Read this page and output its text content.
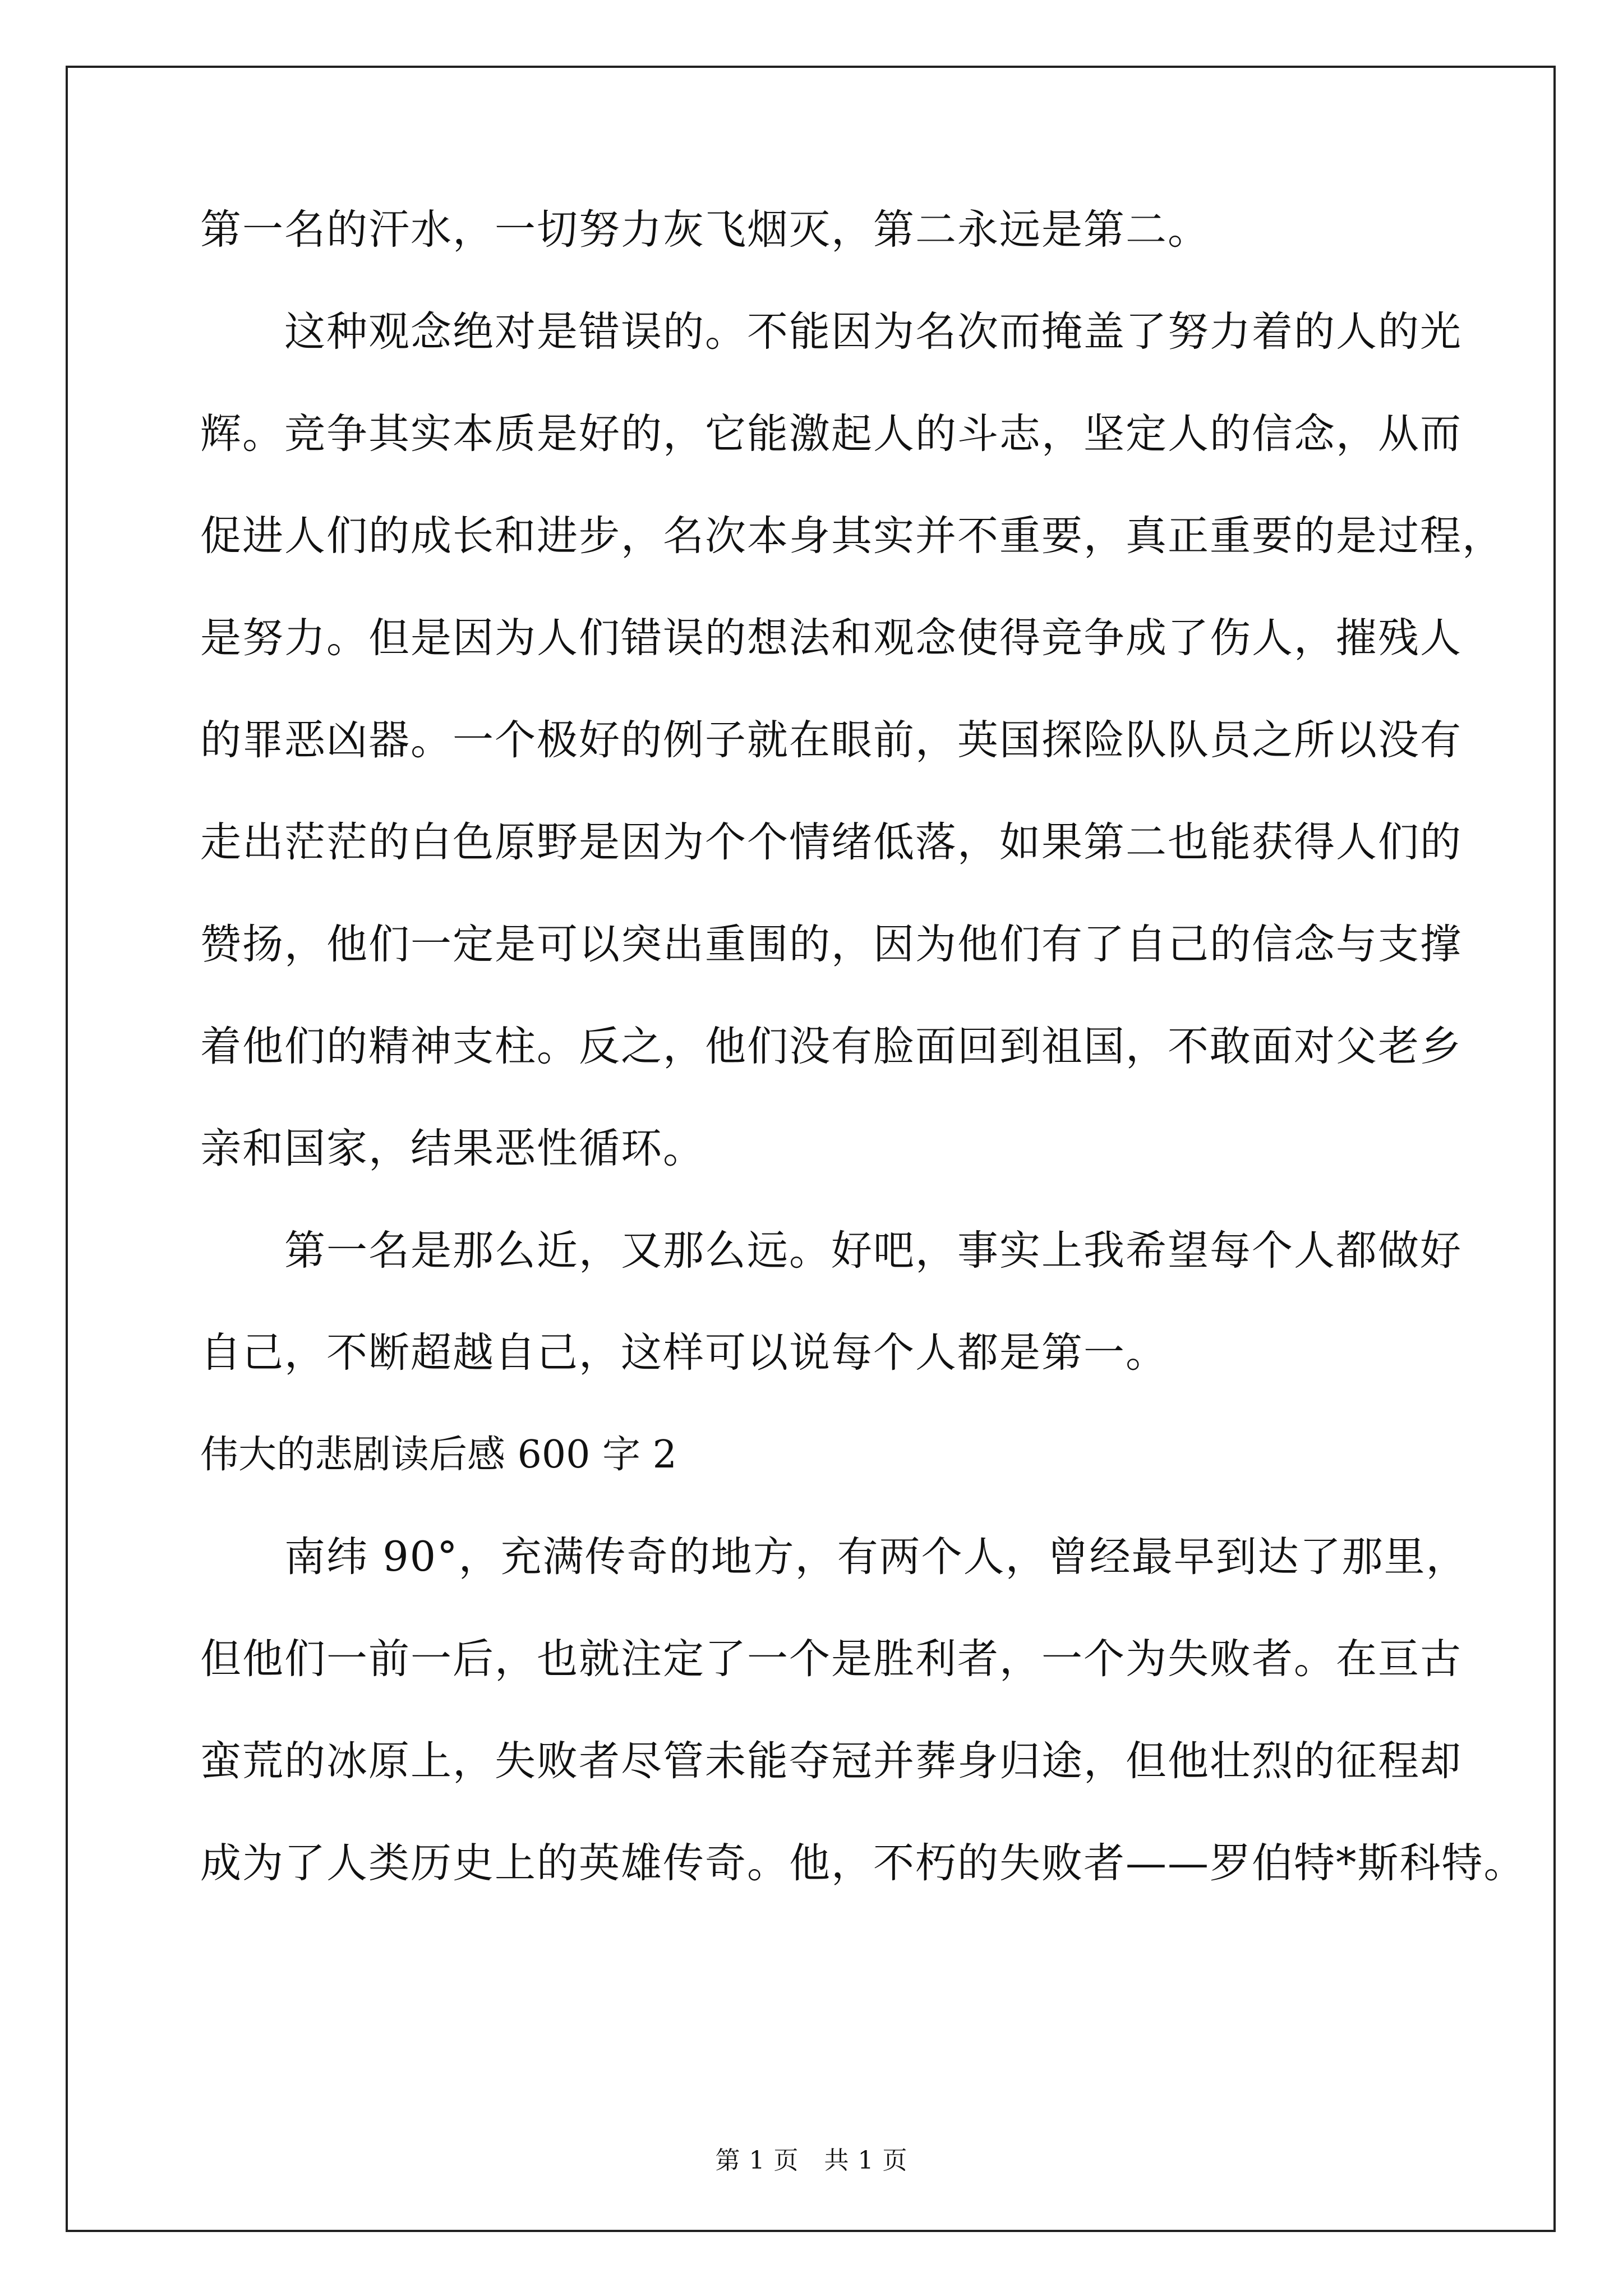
第一名的汗水，一切努力灰飞烟灭，第二永远是第二。
这种观念绝对是错误的。不能因为名次而掩盖了努力着的人的光
辉。竞争其实本质是好的，它能激起人的斗志，坚定人的信念，从而
促进人们的成长和进步，名次本身其实并不重要，真正重要的是过程，
是努力。但是因为人们错误的想法和观念使得竞争成了伤人，摧残人
的罪恶凶器。一个极好的例子就在眼前，英国探险队队员之所以没有
走出茫茫的白色原野是因为个个情绪低落，如果第二也能获得人们的
赞扬，他们一定是可以突出重围的，因为他们有了自己的信念与支撑
着他们的精神支柱。反之，他们没有脸面回到祖国，不敢面对父老乡
亲和国家，结果恶性循环。
第一名是那么近，又那么远。好吧，事实上我希望每个人都做好
自己，不断超越自己，这样可以说每个人都是第一。
伟大的悲剧读后感 600 字 2
南纬 90°，充满传奇的地方，有两个人，曾经最早到达了那里，
但他们一前一后，也就注定了一个是胜利者，一个为失败者。在亘古
蛮荒的冰原上，失败者尽管未能夺冠并葬身归途，但他壮烈的征程却
成为了人类历史上的英雄传奇。他，不朽的失败者——罗伯特*斯科特。
第 1 页　共 1 页
